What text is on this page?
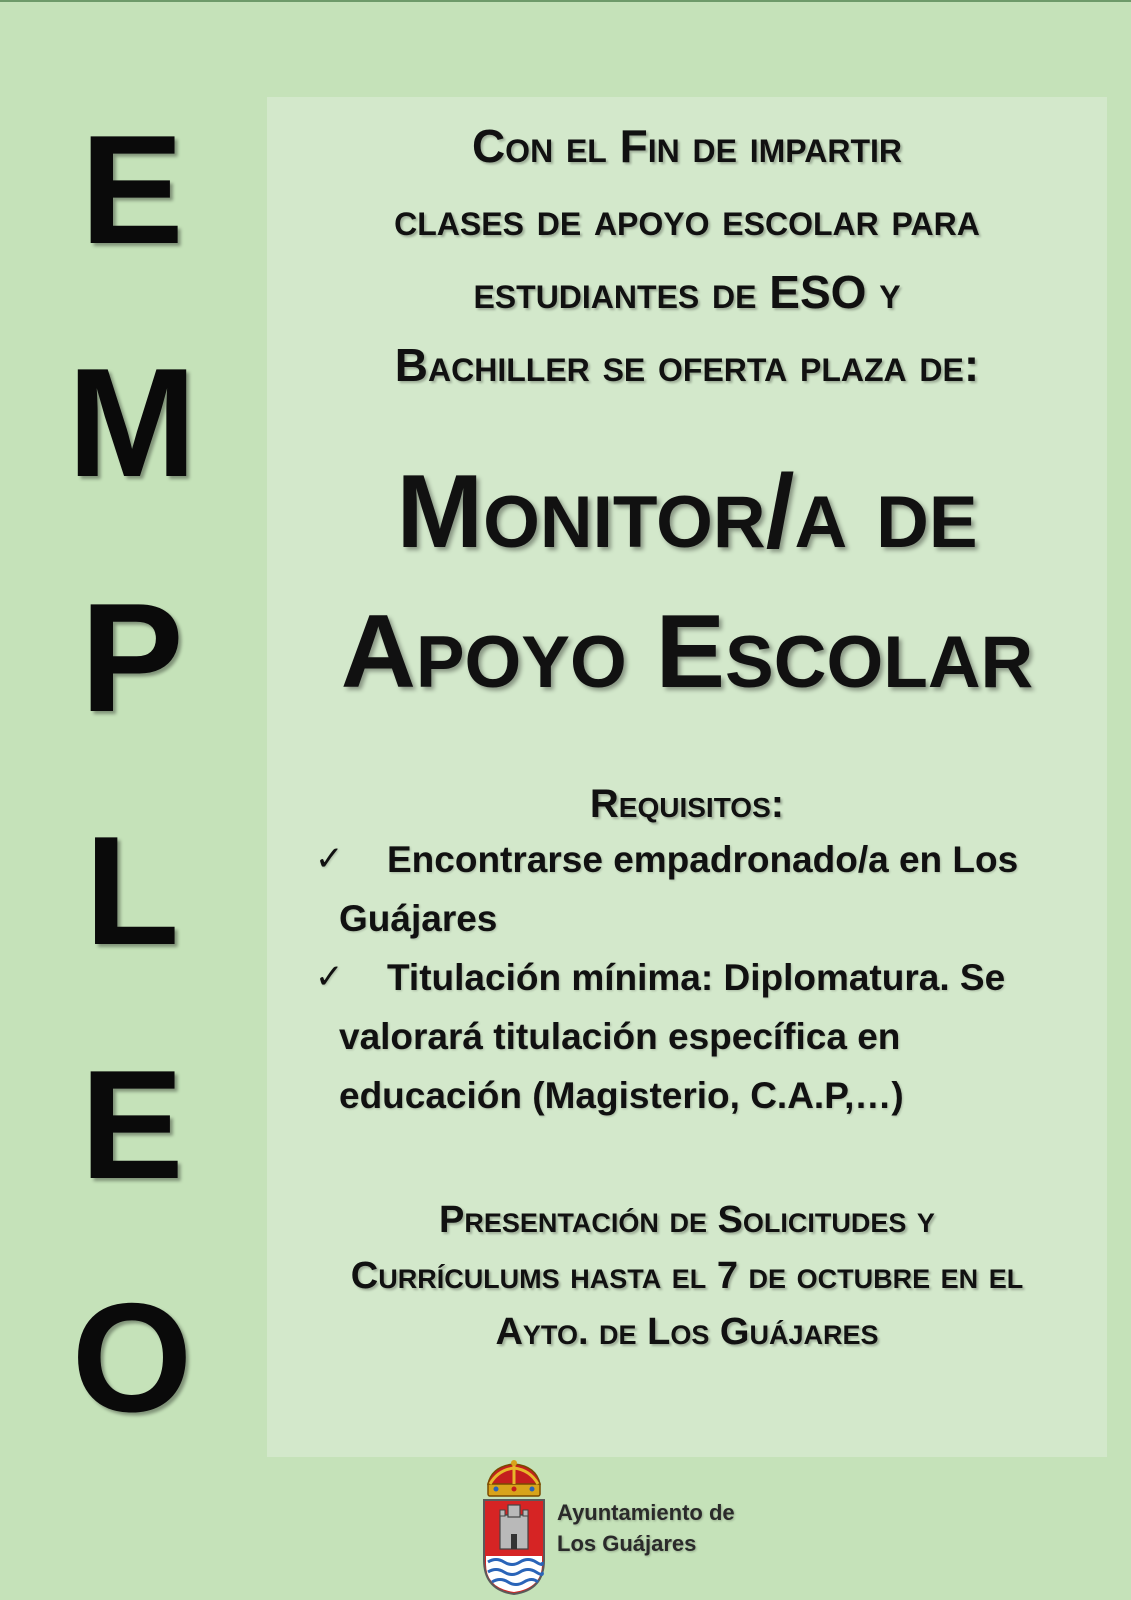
E
M
P
L
E
O
Con el Fin de impartir
clases de apoyo escolar para
estudiantes de ESO y
Bachiller se oferta plaza de:
Monitor/a de
Apoyo Escolar
Requisitos:
✓ Encontrarse empadronado/a en Los
Guájares
✓ Titulación mínima: Diplomatura. Se
valorará titulación específica en
educación (Magisterio, C.A.P,…)
Presentación de Solicitudes y
Currículums hasta el 7 de octubre en el
Ayto. de Los Guájares
Ayuntamiento de
Los Guájares
